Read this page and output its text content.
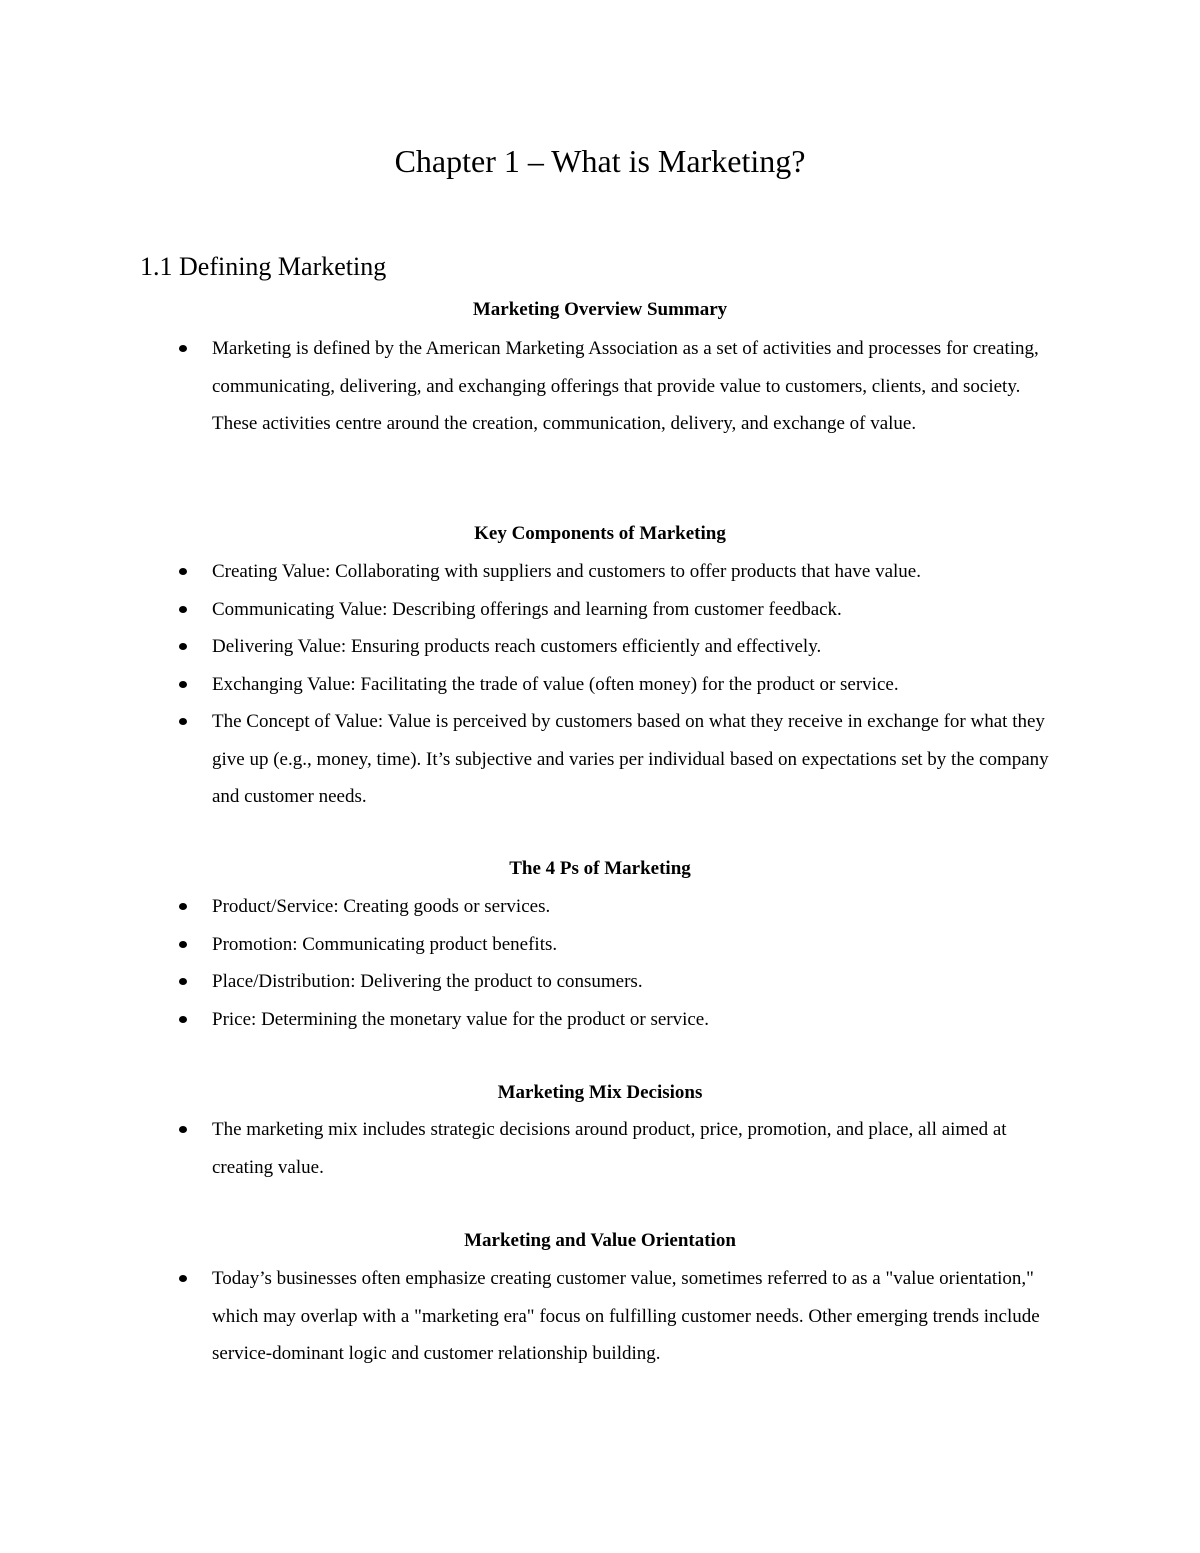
Chapter 1 – What is Marketing?
1.1 Defining Marketing
Marketing Overview Summary
Marketing is defined by the American Marketing Association as a set of activities and processes for creating, communicating, delivering, and exchanging offerings that provide value to customers, clients, and society. These activities centre around the creation, communication, delivery, and exchange of value.
Key Components of Marketing
Creating Value: Collaborating with suppliers and customers to offer products that have value.
Communicating Value: Describing offerings and learning from customer feedback.
Delivering Value: Ensuring products reach customers efficiently and effectively.
Exchanging Value: Facilitating the trade of value (often money) for the product or service.
The Concept of Value: Value is perceived by customers based on what they receive in exchange for what they give up (e.g., money, time). It’s subjective and varies per individual based on expectations set by the company and customer needs.
The 4 Ps of Marketing
Product/Service: Creating goods or services.
Promotion: Communicating product benefits.
Place/Distribution: Delivering the product to consumers.
Price: Determining the monetary value for the product or service.
Marketing Mix Decisions
The marketing mix includes strategic decisions around product, price, promotion, and place, all aimed at creating value.
Marketing and Value Orientation
Today’s businesses often emphasize creating customer value, sometimes referred to as a "value orientation," which may overlap with a "marketing era" focus on fulfilling customer needs. Other emerging trends include service-dominant logic and customer relationship building.
